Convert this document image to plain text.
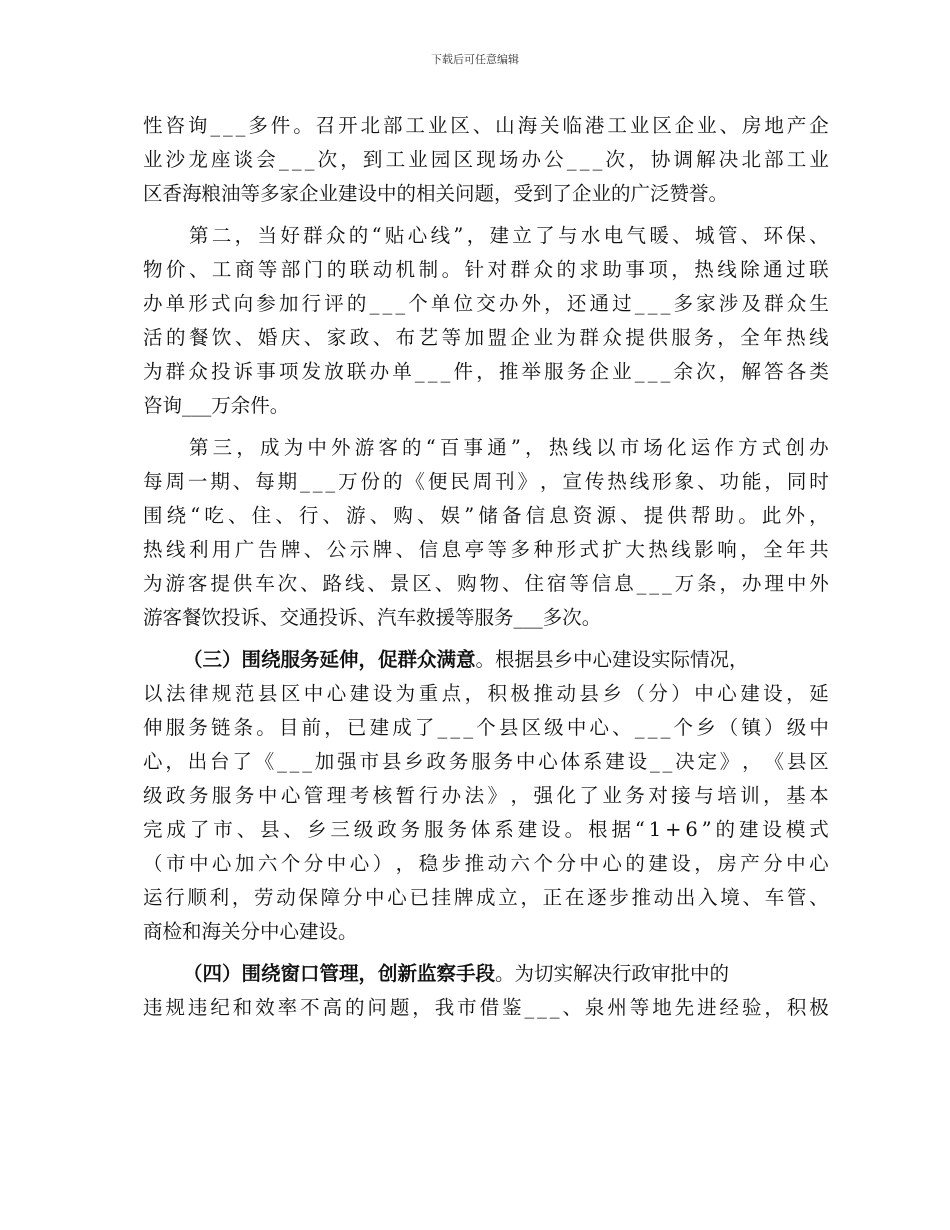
下载后可任意编辑
性 咨 询 _ _ _ 多 件 。 召 开 北 部 工 业 区 、 山 海 关 临 港 工 业 区 企 业 、 房 地 产 企
业 沙 龙 座 谈 会 _ _ _ 次 ， 到 工 业 园 区 现 场 办 公 _ _ _ 次 ， 协 调 解 决 北 部 工 业
区香海粮油等多家企业建设中的相关问题，受到了企业的广泛赞誉。
第 二 ， 当 好 群 众 的 “ 贴 心 线 ” ， 建 立 了 与 水 电 气 暖 、 城 管 、 环 保 、
物 价 、 工 商 等 部 门 的 联 动 机 制 。 针 对 群 众 的 求 助 事 项 ， 热 线 除 通 过 联
办 单 形 式 向 参 加 行 评 的 _ _ _ 个 单 位 交 办 外 ， 还 通 过 _ _ _ 多 家 涉 及 群 众 生
活 的 餐 饮 、 婚 庆 、 家 政 、 布 艺 等 加 盟 企 业 为 群 众 提 供 服 务 ， 全 年 热 线
为 群 众 投 诉 事 项 发 放 联 办 单 _ _ _ 件 ， 推 举 服 务 企 业 _ _ _ 余 次 ， 解 答 各 类
咨询___万余件。
第 三 ， 成 为 中 外 游 客 的 “ 百 事 通 ” ， 热 线 以 市 场 化 运 作 方 式 创 办
每 周 一 期 、 每 期 _ _ _ 万 份 的 《 便 民 周 刊 》 ， 宣 传 热 线 形 象 、 功 能 ， 同 时
围 绕 “ 吃 、 住 、 行 、 游 、 购 、 娱 ” 储 备 信 息 资 源 、 提 供 帮 助 。 此 外 ，
热 线 利 用 广 告 牌 、 公 示 牌 、 信 息 亭 等 多 种 形 式 扩 大 热 线 影 响 ， 全 年 共
为 游 客 提 供 车 次 、 路 线 、 景 区 、 购 物 、 住 宿 等 信 息 _ _ _ 万 条 ， 办 理 中 外
游客餐饮投诉、交通投诉、汽车救援等服务___多次。
（三）围绕服务延伸，促群众满意 。根据县乡中心建设实际情况，
以 法 律 规 范 县 区 中 心 建 设 为 重 点 ， 积 极 推 动 县 乡 （ 分 ） 中 心 建 设 ， 延
伸 服 务 链 条 。 目 前 ， 已 建 成 了 _ _ _ 个 县 区 级 中 心 、 _ _ _ 个 乡 （ 镇 ） 级 中
心 ， 出 台 了 《 _ _ _ 加 强 市 县 乡 政 务 服 务 中 心 体 系 建 设 _ _ 决 定 》 ， 《 县 区
级 政 务 服 务 中 心 管 理 考 核 暂 行 办 法 》 ， 强 化 了 业 务 对 接 与 培 训 ， 基 本
完 成 了 市 、 县 、 乡 三 级 政 务 服 务 体 系 建 设 。 根 据 “ 1 + 6 ” 的 建 设 模 式
（ 市 中 心 加 六 个 分 中 心 ） ， 稳 步 推 动 六 个 分 中 心 的 建 设 ， 房 产 分 中 心
运 行 顺 利 ， 劳 动 保 障 分 中 心 已 挂 牌 成 立 ， 正 在 逐 步 推 动 出 入 境 、 车 管 、
商检和海关分中心建设。
（四）围绕窗口管理，创新监察手段 。为切实解决行政审批中的
违 规 违 纪 和 效 率 不 高 的 问 题 ， 我 市 借 鉴 _ _ _ 、 泉 州 等 地 先 进 经 验 ， 积 极
